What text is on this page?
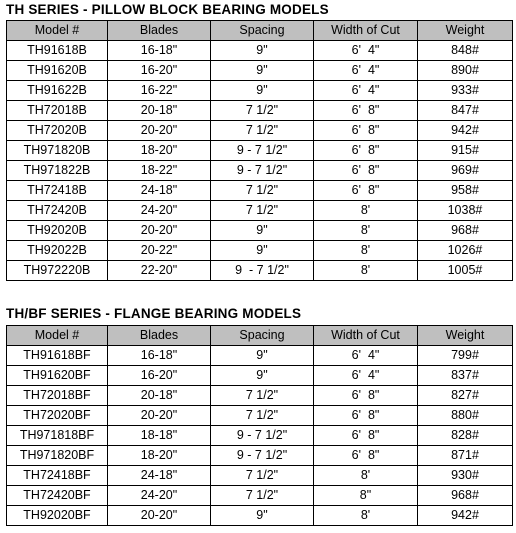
TH SERIES - PILLOW BLOCK BEARING MODELS
Model #	Blades	Spacing	Width of Cut	Weight
TH91618B	16-18"	9"	6'  4"	848#
TH91620B	16-20"	9"	6'  4"	890#
TH91622B	16-22"	9"	6'  4"	933#
TH72018B	20-18"	7 1/2"	6'  8"	847#
TH72020B	20-20"	7 1/2"	6'  8"	942#
TH971820B	18-20"	9 - 7 1/2"	6'  8"	915#
TH971822B	18-22"	9 - 7 1/2"	6'  8"	969#
TH72418B	24-18"	7 1/2"	6'  8"	958#
TH72420B	24-20"	7 1/2"	8'	1038#
TH92020B	20-20"	9"	8'	968#
TH92022B	20-22"	9"	8'	1026#
TH972220B	22-20"	9  - 7 1/2"	8'	1005#
TH/BF SERIES - FLANGE BEARING MODELS
Model #	Blades	Spacing	Width of Cut	Weight
TH91618BF	16-18"	9"	6'  4"	799#
TH91620BF	16-20"	9"	6'  4"	837#
TH72018BF	20-18"	7 1/2"	6'  8"	827#
TH72020BF	20-20"	7 1/2"	6'  8"	880#
TH971818BF	18-18"	9 - 7 1/2"	6'  8"	828#
TH971820BF	18-20"	9 - 7 1/2"	6'  8"	871#
TH72418BF	24-18"	7 1/2"	8'	930#
TH72420BF	24-20"	7 1/2"	8"	968#
TH92020BF	20-20"	9"	8'	942#
